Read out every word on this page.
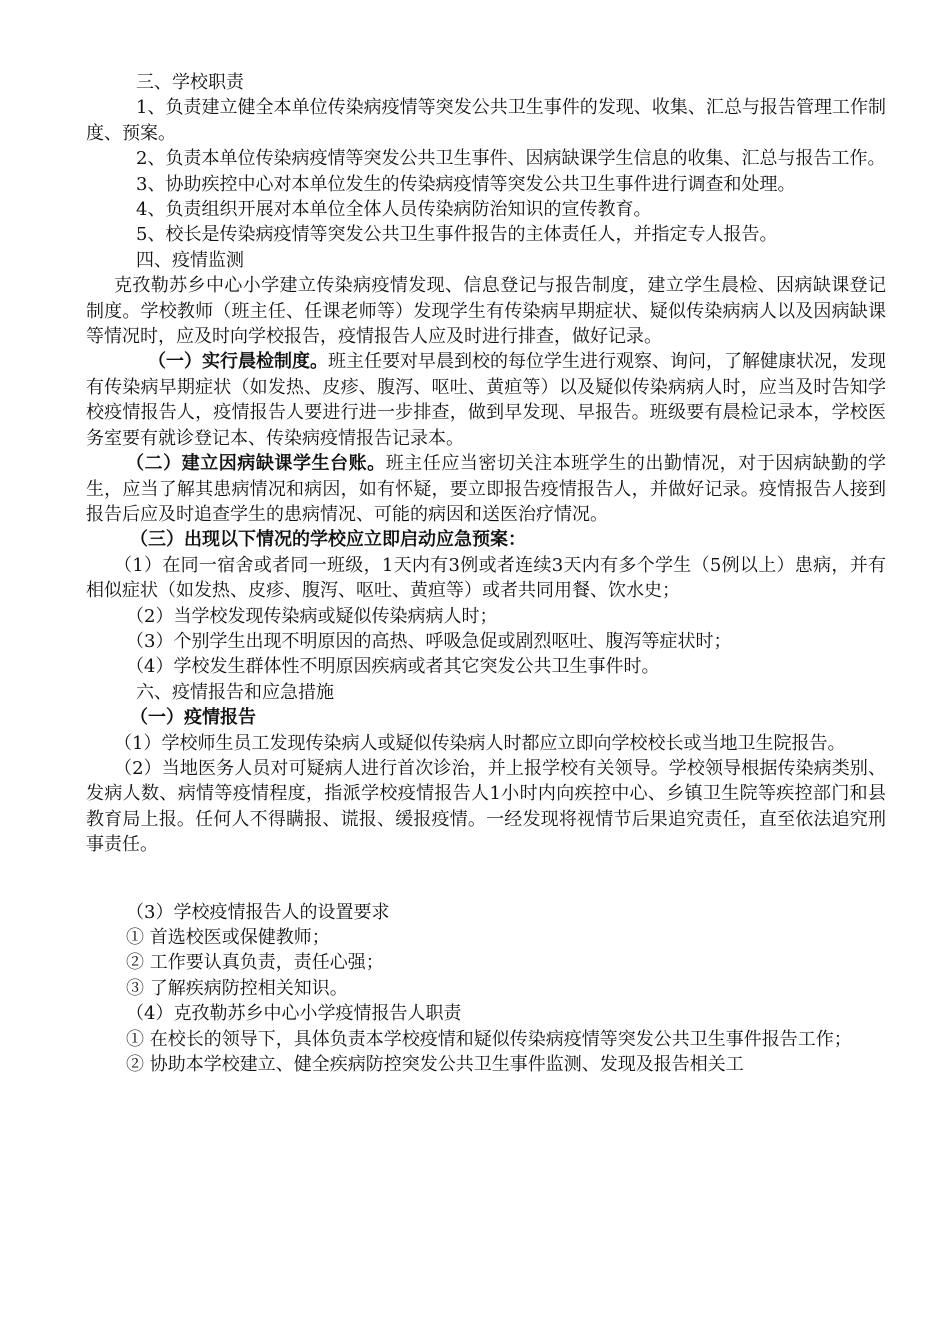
三、学校职责

1、负责建立健全本单位传染病疫情等突发公共卫生事件的发现、收集、汇总与报告管理工作制度、预案。

2、负责本单位传染病疫情等突发公共卫生事件、因病缺课学生信息的收集、汇总与报告工作。

3、协助疾控中心对本单位发生的传染病疫情等突发公共卫生事件进行调查和处理。

4、负责组织开展对本单位全体人员传染病防治知识的宣传教育。

5、校长是传染病疫情等突发公共卫生事件报告的主体责任人，并指定专人报告。

四、疫情监测

克孜勒苏乡中心小学建立传染病疫情发现、信息登记与报告制度，建立学生晨检、因病缺课登记制度。学校教师（班主任、任课老师等）发现学生有传染病早期症状、疑似传染病病人以及因病缺课等情况时，应及时向学校报告，疫情报告人应及时进行排查，做好记录。

（一）实行晨检制度。班主任要对早晨到校的每位学生进行观察、询问，了解健康状况，发现有传染病早期症状（如发热、皮疹、腹泻、呕吐、黄疸等）以及疑似传染病病人时，应当及时告知学校疫情报告人，疫情报告人要进行进一步排查，做到早发现、早报告。班级要有晨检记录本，学校医务室要有就诊登记本、传染病疫情报告记录本。

（二）建立因病缺课学生台账。班主任应当密切关注本班学生的出勤情况，对于因病缺勤的学生，应当了解其患病情况和病因，如有怀疑，要立即报告疫情报告人，并做好记录。疫情报告人接到报告后应及时追查学生的患病情况、可能的病因和送医治疗情况。

（三）出现以下情况的学校应立即启动应急预案：

（1）在同一宿舍或者同一班级，1天内有3例或者连续3天内有多个学生（5例以上）患病，并有相似症状（如发热、皮疹、腹泻、呕吐、黄疸等）或者共同用餐、饮水史；

（2）当学校发现传染病或疑似传染病病人时；

（3）个别学生出现不明原因的高热、呼吸急促或剧烈呕吐、腹泻等症状时；

（4）学校发生群体性不明原因疾病或者其它突发公共卫生事件时。

六、疫情报告和应急措施

（一）疫情报告

（1）学校师生员工发现传染病人或疑似传染病人时都应立即向学校校长或当地卫生院报告。

（2）当地医务人员对可疑病人进行首次诊治，并上报学校有关领导。学校领导根据传染病类别、发病人数、病情等疫情程度，指派学校疫情报告人1小时内向疾控中心、乡镇卫生院等疾控部门和县教育局上报。任何人不得瞒报、谎报、缓报疫情。一经发现将视情节后果追究责任，直至依法追究刑事责任。

（3）学校疫情报告人的设置要求

① 首选校医或保健教师；

② 工作要认真负责，责任心强；

③ 了解疾病防控相关知识。

（4）克孜勒苏乡中心小学疫情报告人职责

① 在校长的领导下，具体负责本学校疫情和疑似传染病疫情等突发公共卫生事件报告工作；

② 协助本学校建立、健全疾病防控突发公共卫生事件监测、发现及报告相关工
